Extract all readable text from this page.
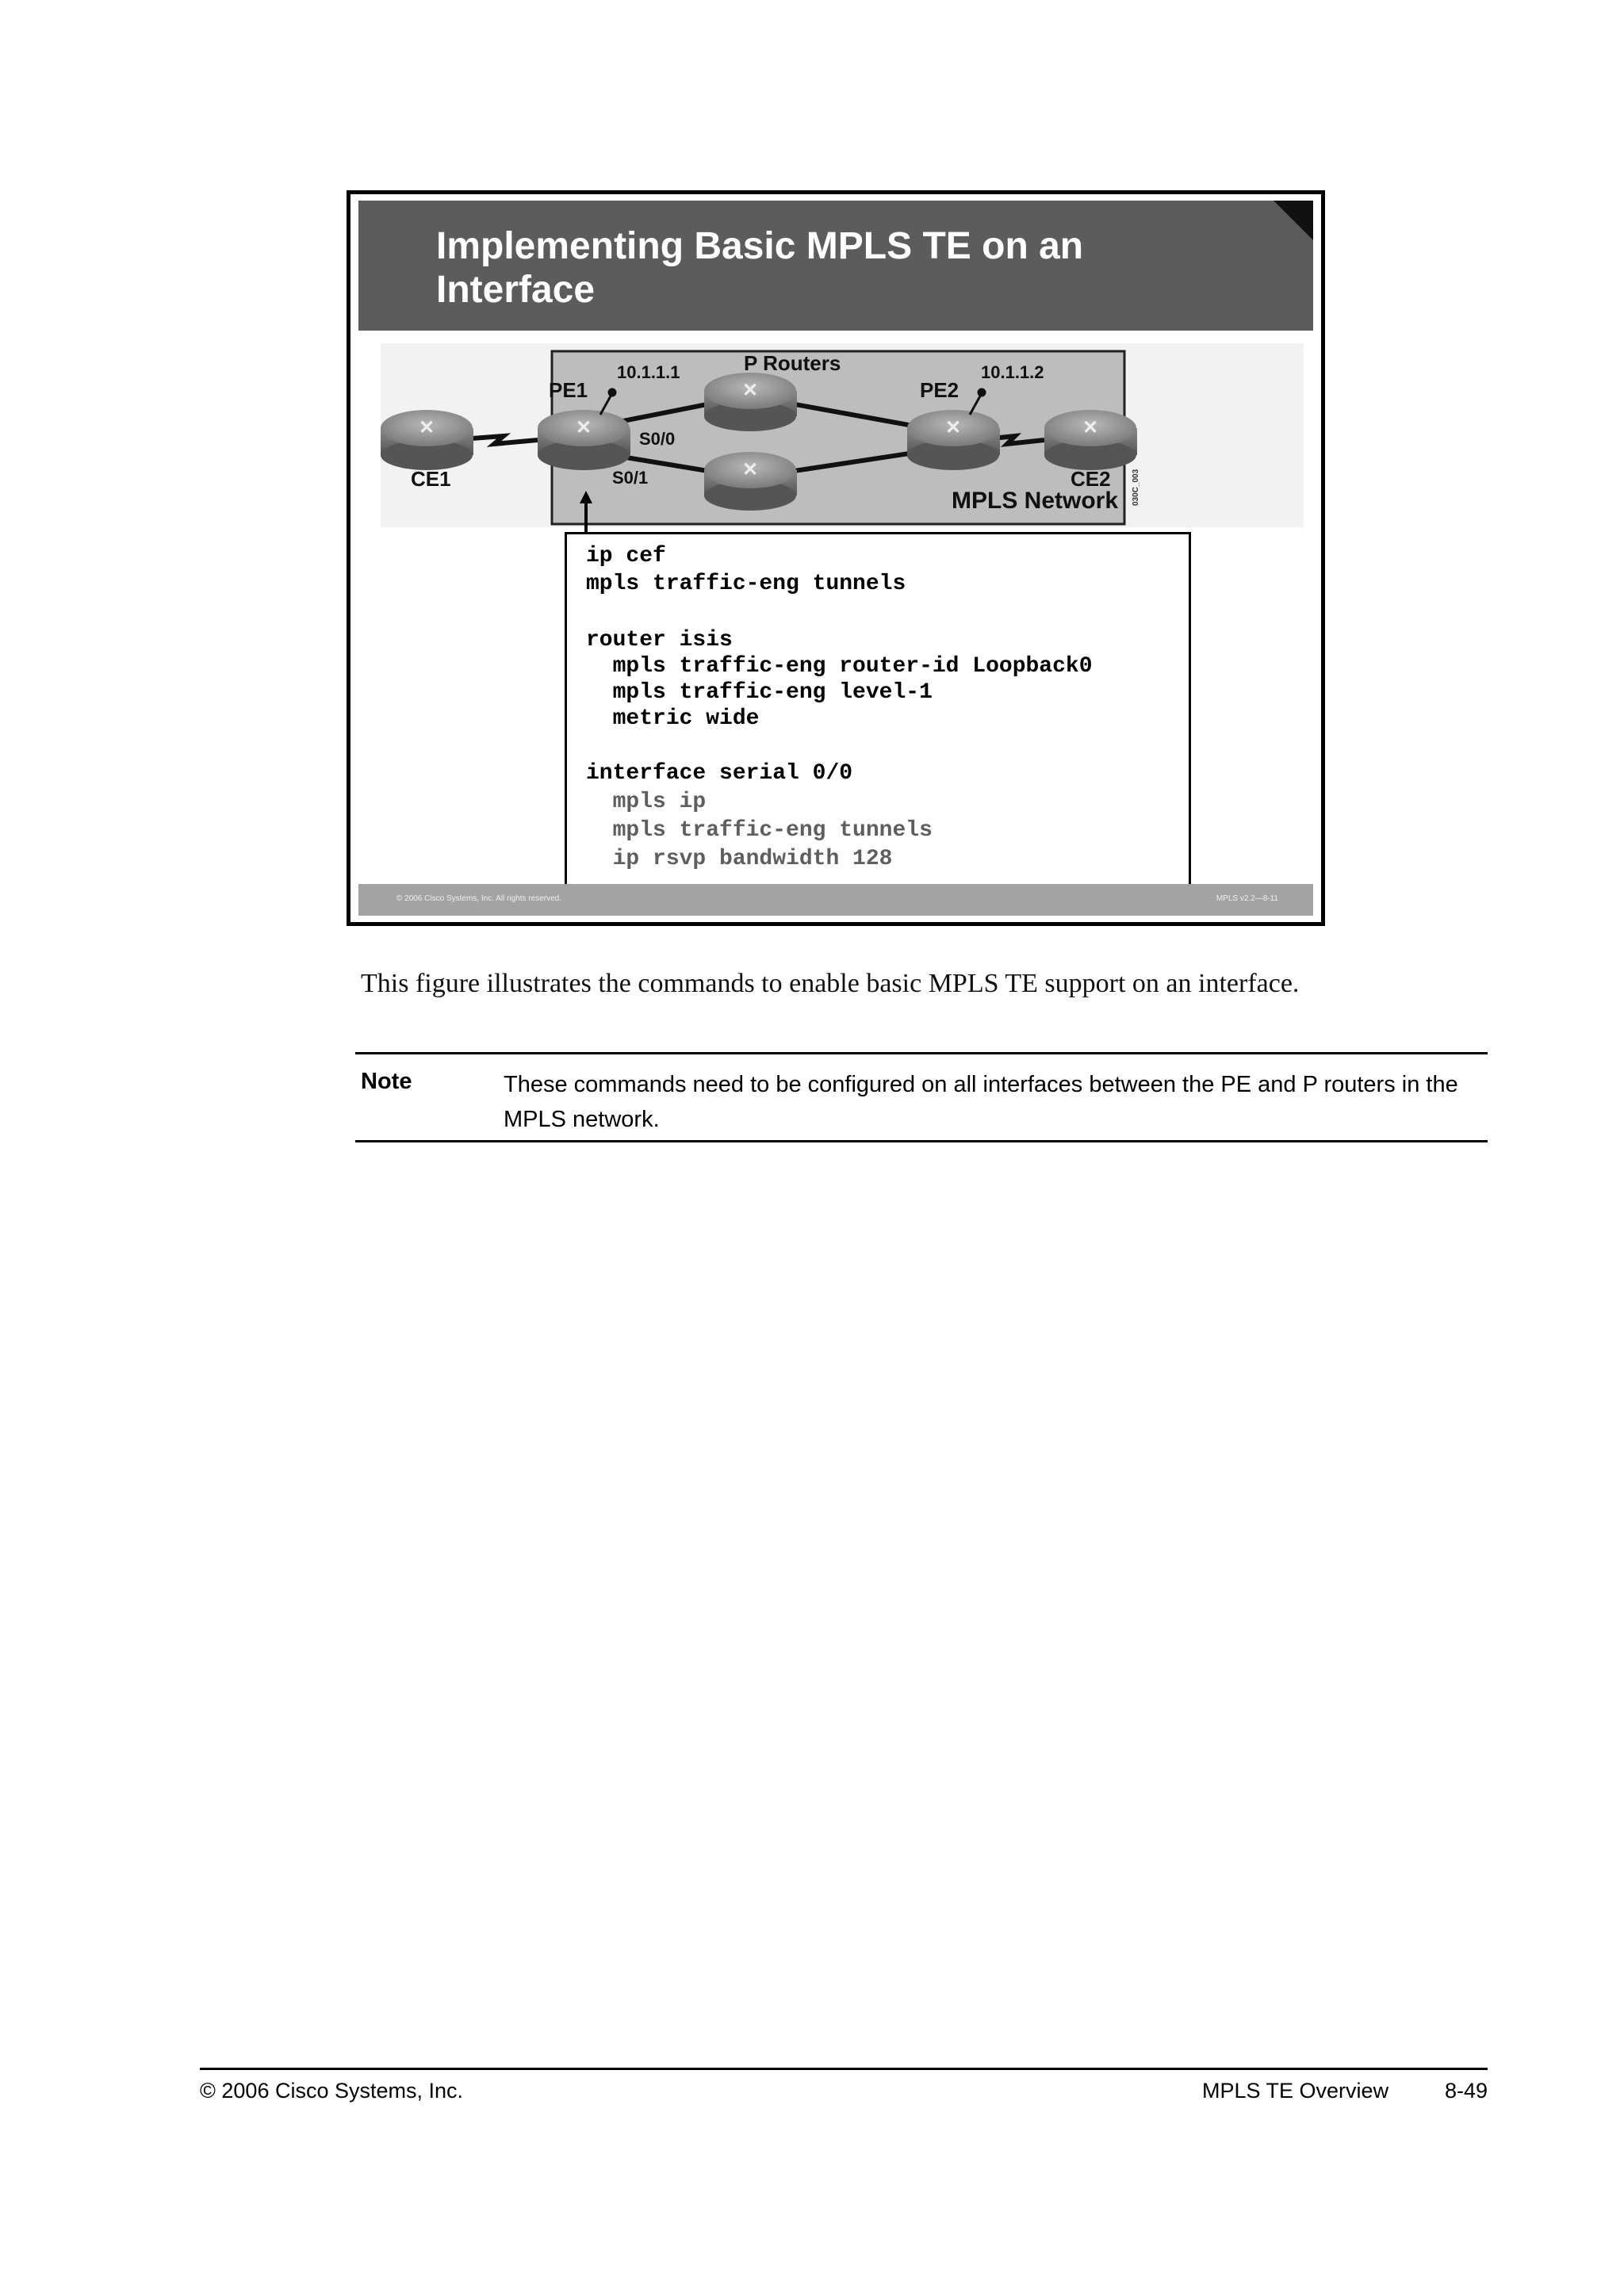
Implementing Basic MPLS TE on an
Interface
✕	✕
✕
✕
✕	✕
P Routers
PE1
10.1.1.1
PE2
10.1.1.2
CE1	CE2
S0/0
S0/1
MPLS Network 030C_003
ip cef
mpls traffic-eng tunnels
router isis
mpls traffic-eng router-id Loopback0
mpls traffic-eng level-1
metric wide
interface serial 0/0
mpls ip
mpls traffic-eng tunnels
ip rsvp bandwidth 128
© 2006 Cisco Systems, Inc. All rights reserved.	MPLS v2.2—8-11
This figure illustrates the commands to enable basic MPLS TE support on an interface.
Note	These commands need to be configured on all interfaces between the PE and P routers in the MPLS network.
© 2006 Cisco Systems, Inc.	MPLS TE Overview	8-49
